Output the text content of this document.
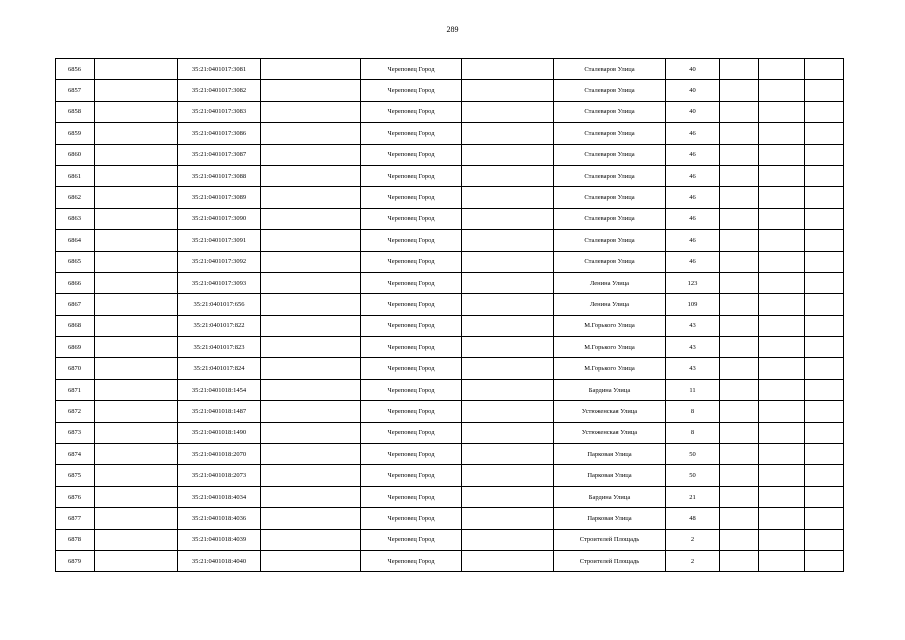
289
6856		35:21:0401017:3081		Череповец Город		Сталеваров Улица	40			
6857		35:21:0401017:3082		Череповец Город		Сталеваров Улица	40			
6858		35:21:0401017:3083		Череповец Город		Сталеваров Улица	40			
6859		35:21:0401017:3086		Череповец Город		Сталеваров Улица	46			
6860		35:21:0401017:3087		Череповец Город		Сталеваров Улица	46			
6861		35:21:0401017:3088		Череповец Город		Сталеваров Улица	46			
6862		35:21:0401017:3089		Череповец Город		Сталеваров Улица	46			
6863		35:21:0401017:3090		Череповец Город		Сталеваров Улица	46			
6864		35:21:0401017:3091		Череповец Город		Сталеваров Улица	46			
6865		35:21:0401017:3092		Череповец Город		Сталеваров Улица	46			
6866		35:21:0401017:3093		Череповец Город		Ленина Улица	123			
6867		35:21:0401017:656		Череповец Город		Ленина Улица	109			
6868		35:21:0401017:822		Череповец Город		М.Горького Улица	43			
6869		35:21:0401017:823		Череповец Город		М.Горького Улица	43			
6870		35:21:0401017:824		Череповец Город		М.Горького Улица	43			
6871		35:21:0401018:1454		Череповец Город		Бардина Улица	11			
6872		35:21:0401018:1487		Череповец Город		Устюженская Улица	8			
6873		35:21:0401018:1490		Череповец Город		Устюженская Улица	8			
6874		35:21:0401018:2070		Череповец Город		Парковая Улица	50			
6875		35:21:0401018:2073		Череповец Город		Парковая Улица	50			
6876		35:21:0401018:4034		Череповец Город		Бардина Улица	21			
6877		35:21:0401018:4036		Череповец Город		Парковая Улица	48			
6878		35:21:0401018:4039		Череповец Город		Строителей Площадь	2			
6879		35:21:0401018:4040		Череповец Город		Строителей Площадь	2			
